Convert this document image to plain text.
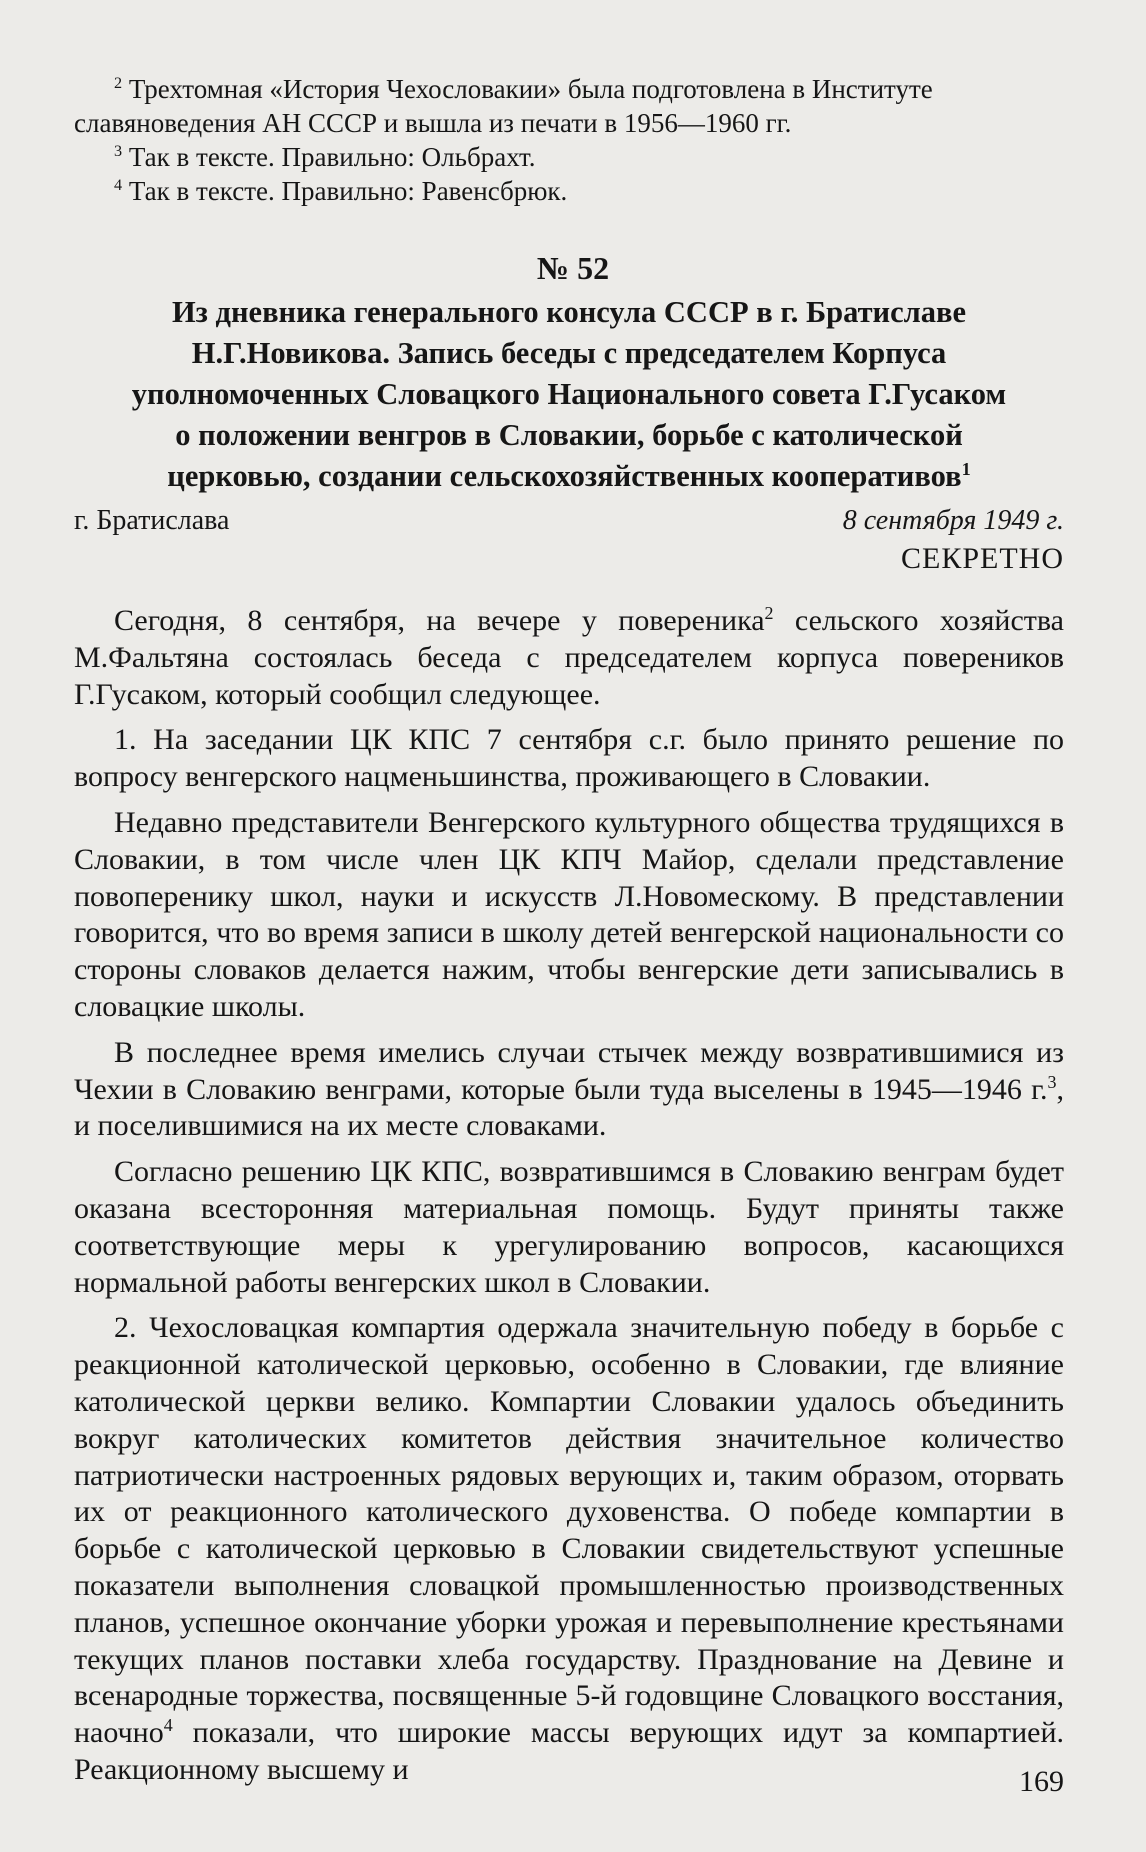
$^2$ Трехтомная «История Чехословакии» была подготовлена в Институте славяноведения АН СССР и вышла из печати в 1956—1960 гг.

$^3$ Так в тексте. Правильно: Ольбрахт.

$^4$ Так в тексте. Правильно: Равенсбрюк.

№ 52

Из дневника генерального консула СССР в г. Братиславе

Н.Г.Новикова. Запись беседы с председателем Корпуса

уполномоченных Словацкого Национального совета Г.Гусаком

о положении венгров в Словакии, борьбе с католической

церковью, создании сельскохозяйственных кооперативов$^1$

г. Братислава	8 сентября 1949 г.
СЕКРЕТНО

Сегодня, 8 сентября, на вечере у повереника$^2$ сельского хозяйства М.Фальтяна состоялась беседа с председателем корпуса повереников Г.Гусаком, который сообщил следующее.

1. На заседании ЦК КПС 7 сентября с.г. было принято решение по вопросу венгерского нацменьшинства, проживающего в Словакии.

Недавно представители Венгерского культурного общества трудящихся в Словакии, в том числе член ЦК КПЧ Майор, сделали представление повоперенику школ, науки и искусств Л.Новомескому. В представлении говорится, что во время записи в школу детей венгерской национальности со стороны словаков делается нажим, чтобы венгерские дети записывались в словацкие школы.

В последнее время имелись случаи стычек между возвратившимися из Чехии в Словакию венграми, которые были туда выселены в 1945—1946 г.$^3$, и поселившимися на их месте словаками.

Согласно решению ЦК КПС, возвратившимся в Словакию венграм будет оказана всесторонняя материальная помощь. Будут приняты также соответствующие меры к урегулированию вопросов, касающихся нормальной работы венгерских школ в Словакии.

2. Чехословацкая компартия одержала значительную победу в борьбе с реакционной католической церковью, особенно в Словакии, где влияние католической церкви велико. Компартии Словакии удалось объединить вокруг католических комитетов действия значительное количество патриотически настроенных рядовых верующих и, таким образом, оторвать их от реакционного католического духовенства. О победе компартии в борьбе с католической церковью в Словакии свидетельствуют успешные показатели выполнения словацкой промышленностью производственных планов, успешное окончание уборки урожая и перевыполнение крестьянами текущих планов поставки хлеба государству. Празднование на Девине и всенародные торжества, посвященные 5-й годовщине Словацкого восстания, наочно$^4$ показали, что широкие массы верующих идут за компартией. Реакционному высшему и	169
